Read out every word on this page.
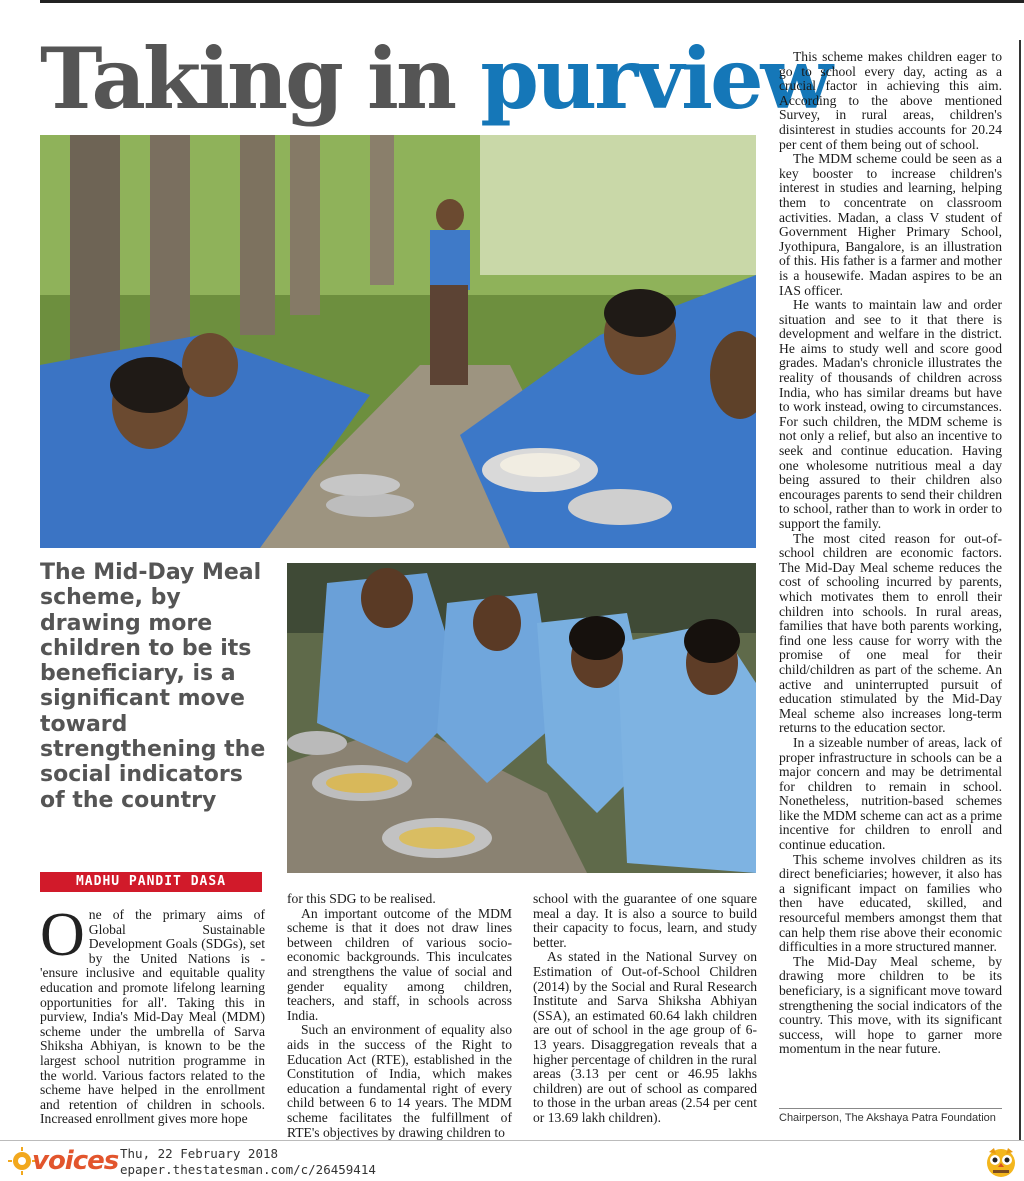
Taking in purview
The Mid-Day Meal scheme, by drawing more children to be its beneficiary, is a significant move toward strengthening the social indicators of the country
MADHU PANDIT DASA

One of the primary aims of Global Sustainable Development Goals (SDGs), set by the United Nations is - 'ensure inclusive and equitable quality education and promote lifelong learning opportunities for all'. Taking this in purview, India's Mid-Day Meal (MDM) scheme under the umbrella of Sarva Shiksha Abhiyan, is known to be the largest school nutrition programme in the world. Various factors related to the scheme have helped in the enrollment and retention of children in schools. Increased enrollment gives more hope

for this SDG to be realised.

An important outcome of the MDM scheme is that it does not draw lines between children of various socio-economic backgrounds. This inculcates and strengthens the value of social and gender equality among children, teachers, and staff, in schools across India.

Such an environment of equality also aids in the success of the Right to Education Act (RTE), established in the Constitution of India, which makes education a fundamental right of every child between 6 to 14 years. The MDM scheme facilitates the fulfillment of RTE's objectives by drawing children to

school with the guarantee of one square meal a day. It is also a source to build their capacity to focus, learn, and study better.

As stated in the National Survey on Estimation of Out-of-School Children (2014) by the Social and Rural Research Institute and Sarva Shiksha Abhiyan (SSA), an estimated 60.64 lakh children are out of school in the age group of 6-13 years. Disaggregation reveals that a higher percentage of children in the rural areas (3.13 per cent or 46.95 lakhs children) are out of school as compared to those in the urban areas (2.54 per cent or 13.69 lakh children).

This scheme makes children eager to go to school every day, acting as a crucial factor in achieving this aim. According to the above mentioned Survey, in rural areas, children's disinterest in studies accounts for 20.24 per cent of them being out of school.

The MDM scheme could be seen as a key booster to increase children's interest in studies and learning, helping them to concentrate on classroom activities. Madan, a class V student of Government Higher Primary School, Jyothipura, Bangalore, is an illustration of this. His father is a farmer and mother is a housewife. Madan aspires to be an IAS officer.

He wants to maintain law and order situation and see to it that there is development and welfare in the district. He aims to study well and score good grades. Madan's chronicle illustrates the reality of thousands of children across India, who has similar dreams but have to work instead, owing to circumstances. For such children, the MDM scheme is not only a relief, but also an incentive to seek and continue education. Having one wholesome nutritious meal a day being assured to their children also encourages parents to send their children to school, rather than to work in order to support the family.

The most cited reason for out-of-school children are economic factors. The Mid-Day Meal scheme reduces the cost of schooling incurred by parents, which motivates them to enroll their children into schools. In rural areas, families that have both parents working, find one less cause for worry with the promise of one meal for their child/children as part of the scheme. An active and uninterrupted pursuit of education stimulated by the Mid-Day Meal scheme also increases long-term returns to the education sector.

In a sizeable number of areas, lack of proper infrastructure in schools can be a major concern and may be detrimental for children to remain in school. Nonetheless, nutrition-based schemes like the MDM scheme can act as a prime incentive for children to enroll and continue education.

This scheme involves children as its direct beneficiaries; however, it also has a significant impact on families who then have educated, skilled, and resourceful members amongst them that can help them rise above their economic difficulties in a more structured manner.

The Mid-Day Meal scheme, by drawing more children to be its beneficiary, is a significant move toward strengthening the social indicators of the country. This move, with its significant success, will hope to garner more momentum in the near future.

Chairperson, The Akshaya Patra Foundation
voices Thu, 22 February 2018
epaper.thestatesman.com/c/26459414
